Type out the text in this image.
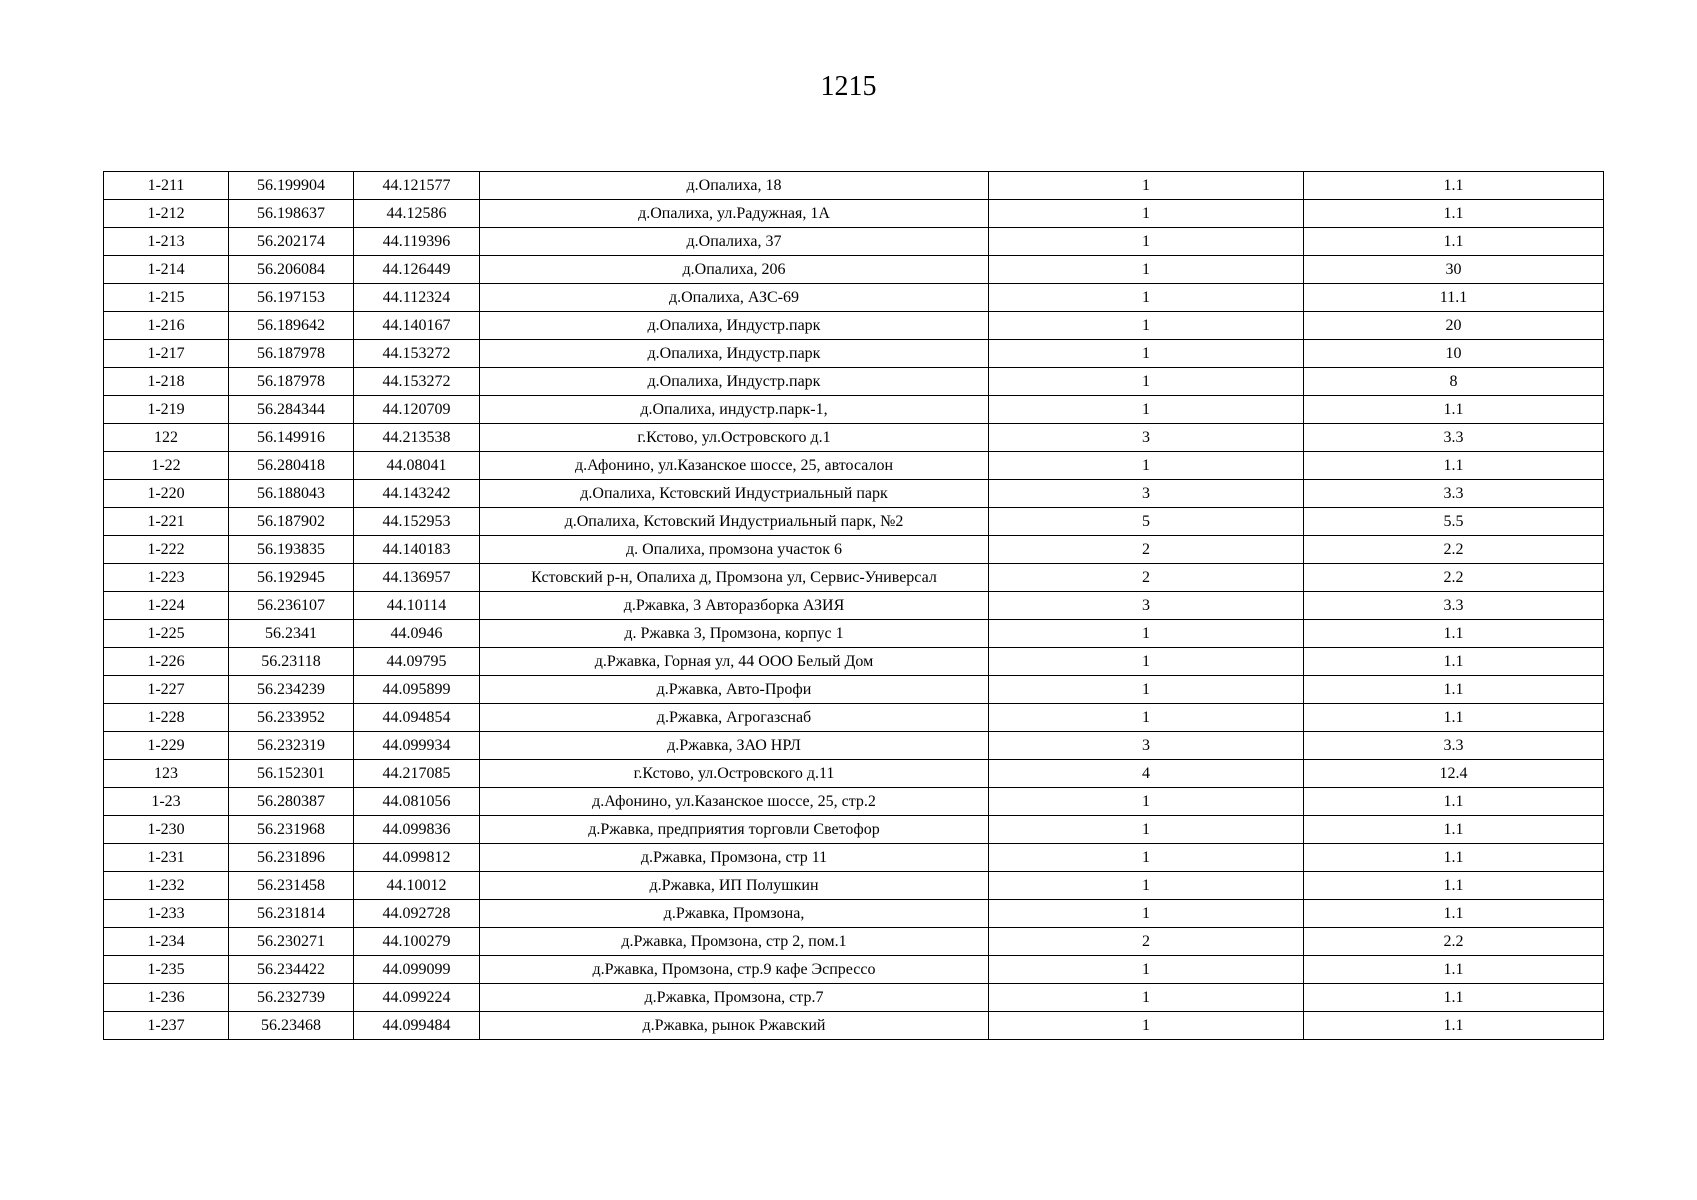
1215
1-211	56.199904	44.121577	д.Опалиха, 18	1	1.1
1-212	56.198637	44.12586	д.Опалиха, ул.Радужная, 1А	1	1.1
1-213	56.202174	44.119396	д.Опалиха, 37	1	1.1
1-214	56.206084	44.126449	д.Опалиха, 206	1	30
1-215	56.197153	44.112324	д.Опалиха, АЗС-69	1	11.1
1-216	56.189642	44.140167	д.Опалиха, Индустр.парк	1	20
1-217	56.187978	44.153272	д.Опалиха, Индустр.парк	1	10
1-218	56.187978	44.153272	д.Опалиха, Индустр.парк	1	8
1-219	56.284344	44.120709	д.Опалиха, индустр.парк-1,	1	1.1
122	56.149916	44.213538	г.Кстово, ул.Островского д.1	3	3.3
1-22	56.280418	44.08041	д.Афонино, ул.Казанское шоссе, 25, автосалон	1	1.1
1-220	56.188043	44.143242	д.Опалиха, Кстовский Индустриальный парк	3	3.3
1-221	56.187902	44.152953	д.Опалиха, Кстовский Индустриальный парк, №2	5	5.5
1-222	56.193835	44.140183	д. Опалиха, промзона участок 6	2	2.2
1-223	56.192945	44.136957	Кстовский р-н, Опалиха д, Промзона ул, Сервис-Универсал	2	2.2
1-224	56.236107	44.10114	д.Ржавка, 3 Авторазборка АЗИЯ	3	3.3
1-225	56.2341	44.0946	д. Ржавка 3, Промзона, корпус 1	1	1.1
1-226	56.23118	44.09795	д.Ржавка, Горная ул, 44 ООО Белый Дом	1	1.1
1-227	56.234239	44.095899	д.Ржавка, Авто-Профи	1	1.1
1-228	56.233952	44.094854	д.Ржавка, Агрогазснаб	1	1.1
1-229	56.232319	44.099934	д.Ржавка, ЗАО НРЛ	3	3.3
123	56.152301	44.217085	г.Кстово, ул.Островского д.11	4	12.4
1-23	56.280387	44.081056	д.Афонино, ул.Казанское шоссе, 25, стр.2	1	1.1
1-230	56.231968	44.099836	д.Ржавка, предприятия торговли Светофор	1	1.1
1-231	56.231896	44.099812	д.Ржавка, Промзона, стр 11	1	1.1
1-232	56.231458	44.10012	д.Ржавка, ИП Полушкин	1	1.1
1-233	56.231814	44.092728	д.Ржавка, Промзона,	1	1.1
1-234	56.230271	44.100279	д.Ржавка, Промзона, стр 2, пом.1	2	2.2
1-235	56.234422	44.099099	д.Ржавка, Промзона, стр.9 кафе Эспрессо	1	1.1
1-236	56.232739	44.099224	д.Ржавка, Промзона, стр.7	1	1.1
1-237	56.23468	44.099484	д.Ржавка, рынок Ржавский	1	1.1
